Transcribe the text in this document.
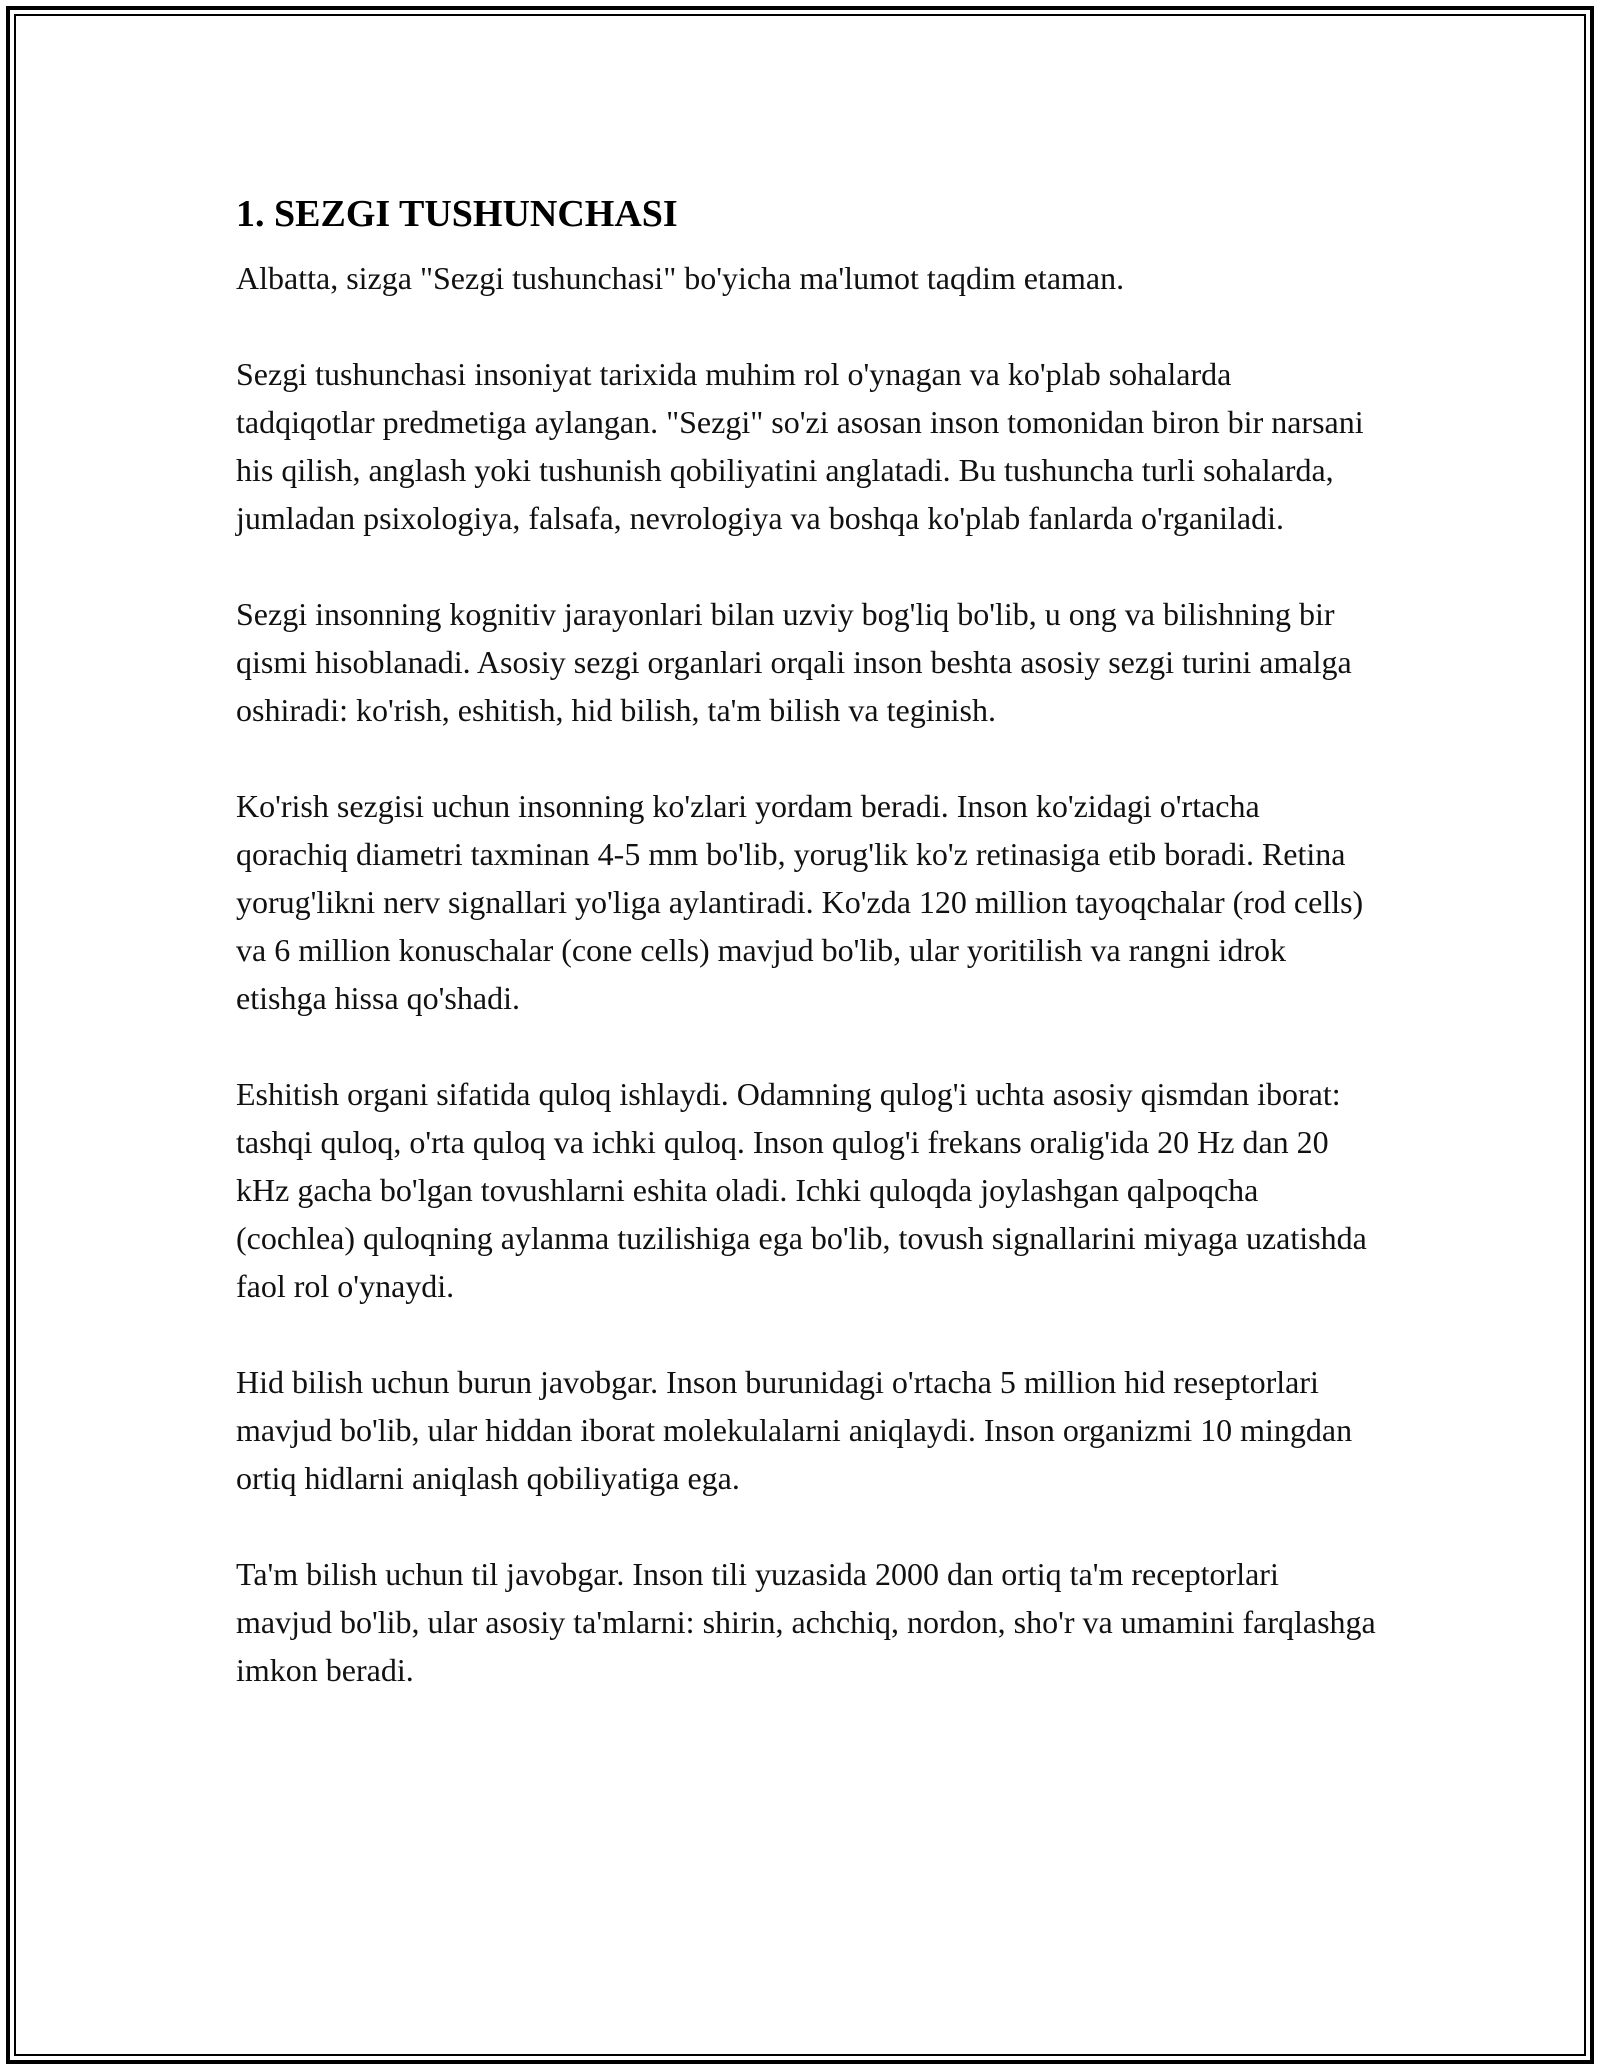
1. SEZGI TUSHUNCHASI

Albatta, sizga "Sezgi tushunchasi" bo'yicha ma'lumot taqdim etaman.

Sezgi tushunchasi insoniyat tarixida muhim rol o'ynagan va ko'plab sohalarda tadqiqotlar predmetiga aylangan. "Sezgi" so'zi asosan inson tomonidan biron bir narsani his qilish, anglash yoki tushunish qobiliyatini anglatadi. Bu tushuncha turli sohalarda, jumladan psixologiya, falsafa, nevrologiya va boshqa ko'plab fanlarda o'rganiladi.

Sezgi insonning kognitiv jarayonlari bilan uzviy bog'liq bo'lib, u ong va bilishning bir qismi hisoblanadi. Asosiy sezgi organlari orqali inson beshta asosiy sezgi turini amalga oshiradi: ko'rish, eshitish, hid bilish, ta'm bilish va teginish.

Ko'rish sezgisi uchun insonning ko'zlari yordam beradi. Inson ko'zidagi o'rtacha qorachiq diametri taxminan 4-5 mm bo'lib, yorug'lik ko'z retinasiga etib boradi. Retina yorug'likni nerv signallari yo'liga aylantiradi. Ko'zda 120 million tayoqchalar (rod cells) va 6 million konuschalar (cone cells) mavjud bo'lib, ular yoritilish va rangni idrok etishga hissa qo'shadi.

Eshitish organi sifatida quloq ishlaydi. Odamning qulog'i uchta asosiy qismdan iborat: tashqi quloq, o'rta quloq va ichki quloq. Inson qulog'i frekans oralig'ida 20 Hz dan 20 kHz gacha bo'lgan tovushlarni eshita oladi. Ichki quloqda joylashgan qalpoqcha (cochlea) quloqning aylanma tuzilishiga ega bo'lib, tovush signallarini miyaga uzatishda faol rol o'ynaydi.

Hid bilish uchun burun javobgar. Inson burunidagi o'rtacha 5 million hid reseptorlari mavjud bo'lib, ular hiddan iborat molekulalarni aniqlaydi. Inson organizmi 10 mingdan ortiq hidlarni aniqlash qobiliyatiga ega.

Ta'm bilish uchun til javobgar. Inson tili yuzasida 2000 dan ortiq ta'm receptorlari mavjud bo'lib, ular asosiy ta'mlarni: shirin, achchiq, nordon, sho'r va umamini farqlashga imkon beradi.
